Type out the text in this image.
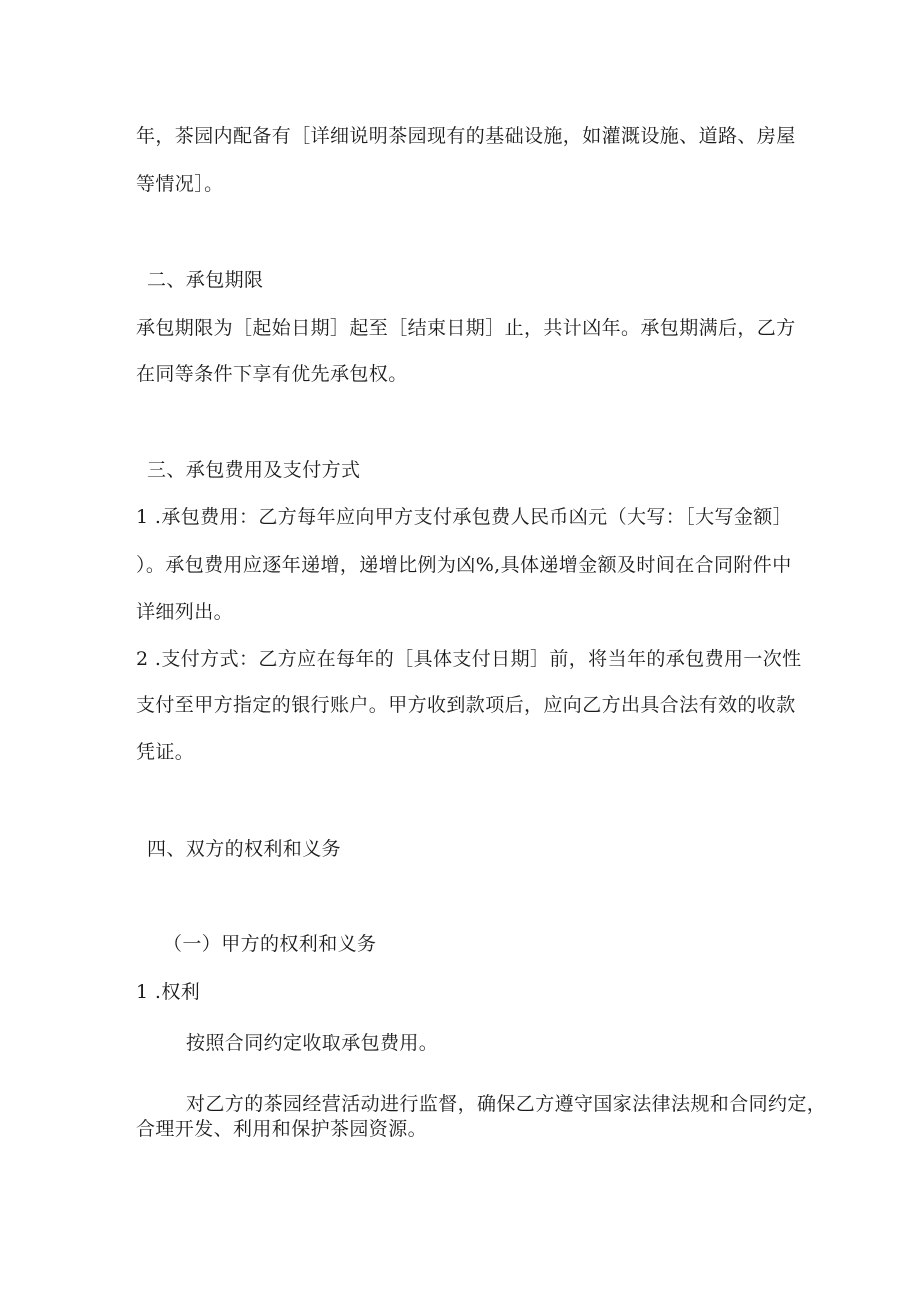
年，茶园内配备有［详细说明茶园现有的基础设施，如灌溉设施、道路、房屋
等情况］。
二、承包期限
承包期限为［起始日期］起至［结束日期］止，共计凶年。承包期满后，乙方
在同等条件下享有优先承包权。
三、承包费用及支付方式
1 .承包费用：乙方每年应向甲方支付承包费人民币凶元（大写：［大写金额］
）。承包费用应逐年递增，递增比例为凶%,具体递增金额及时间在合同附件中
详细列出。
2 .支付方式：乙方应在每年的［具体支付日期］前，将当年的承包费用一次性
支付至甲方指定的银行账户。甲方收到款项后，应向乙方出具合法有效的收款
凭证。
四、双方的权利和义务
（一）甲方的权利和义务
1 .权利
按照合同约定收取承包费用。
对乙方的茶园经营活动进行监督，确保乙方遵守国家法律法规和合同约定，
合理开发、利用和保护茶园资源。
